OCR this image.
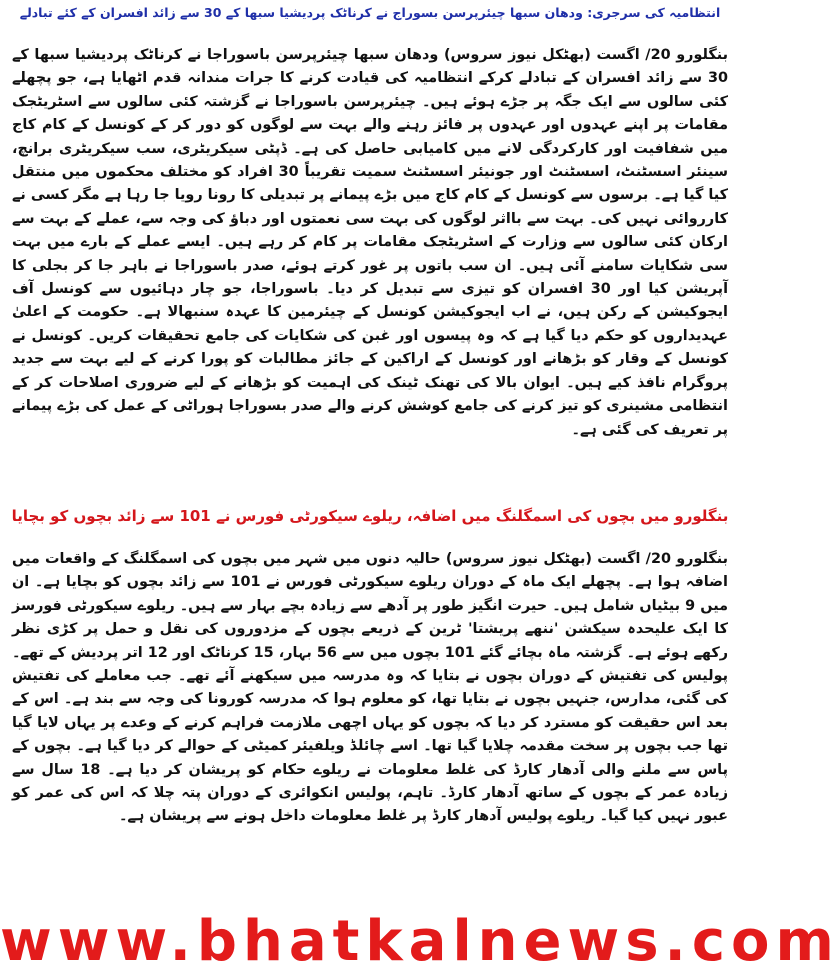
انتظامیہ کی سرجری: ودھان سبھا چیئرپرسن بسوراج نے کرناٹک پردیشیا سبھا کے 30 سے زائد افسران کے کئے تبادلے

بنگلورو 20/ اگست (بھٹکل نیوز سروس) ودھان سبھا چیئرپرسن باسوراجا نے کرناٹک پردیشیا سبھا کے 30 سے زائد افسران کے تبادلے کرکے انتظامیہ کی قیادت کرنے کا جرات مندانہ قدم اٹھایا ہے، جو پچھلے کئی سالوں سے ایک جگہ پر جڑے ہوئے ہیں۔ چیئرپرسن باسوراجا نے گزشتہ کئی سالوں سے اسٹریٹجک مقامات پر اپنے عہدوں اور عہدوں پر فائز رہنے والے بہت سے لوگوں کو دور کر کے کونسل کے کام کاج میں شفافیت اور کارکردگی لانے میں کامیابی حاصل کی ہے۔ ڈپٹی سیکریٹری، سب سیکریٹری برانچ، سینئر اسسٹنٹ، اسسٹنٹ اور جونیئر اسسٹنٹ سمیت تقریباً 30 افراد کو مختلف محکموں میں منتقل کیا گیا ہے۔ برسوں سے کونسل کے کام کاج میں بڑے پیمانے پر تبدیلی کا رونا رویا جا رہا ہے مگر کسی نے کارروائی نہیں کی۔ بہت سے بااثر لوگوں کی بہت سی نعمتوں اور دباؤ کی وجہ سے، عملے کے بہت سے ارکان کئی سالوں سے وزارت کے اسٹریٹجک مقامات پر کام کر رہے ہیں۔ ایسے عملے کے بارے میں بہت سی شکایات سامنے آئی ہیں۔ ان سب باتوں پر غور کرتے ہوئے، صدر باسوراجا نے باہر جا کر بجلی کا آپریشن کیا اور 30 افسران کو تیزی سے تبدیل کر دیا۔ باسوراجا، جو چار دہائیوں سے کونسل آف ایجوکیشن کے رکن ہیں، نے اب ایجوکیشن کونسل کے چیئرمین کا عہدہ سنبھالا ہے۔ حکومت کے اعلیٰ عہدیداروں کو حکم دیا گیا ہے کہ وہ پیسوں اور غبن کی شکایات کی جامع تحقیقات کریں۔ کونسل نے کونسل کے وقار کو بڑھانے اور کونسل کے اراکین کے جائز مطالبات کو پورا کرنے کے لیے بہت سے جدید پروگرام نافذ کیے ہیں۔ ایوان بالا کی تھنک ٹینک کی اہمیت کو بڑھانے کے لیے ضروری اصلاحات کر کے انتظامی مشینری کو تیز کرنے کی جامع کوشش کرنے والے صدر بسوراجا ہوراٹی کے عمل کی بڑے پیمانے پر تعریف کی گئی ہے۔

بنگلورو میں بچوں کی اسمگلنگ میں اضافہ، ریلوے سیکورٹی فورس نے 101 سے زائد بچوں کو بچایا

بنگلورو 20/ اگست (بھٹکل نیوز سروس) حالیہ دنوں میں شہر میں بچوں کی اسمگلنگ کے واقعات میں اضافہ ہوا ہے۔ پچھلے ایک ماہ کے دوران ریلوے سیکورٹی فورس نے 101 سے زائد بچوں کو بچایا ہے۔ ان میں 9 بیٹیاں شامل ہیں۔ حیرت انگیز طور پر آدھے سے زیادہ بچے بہار سے ہیں۔ ریلوے سیکورٹی فورسز کا ایک علیحدہ سیکشن 'ننھے پریشتا' ٹرین کے ذریعے بچوں کے مزدوروں کی نقل و حمل پر کڑی نظر رکھے ہوئے ہے۔ گزشتہ ماہ بچائے گئے 101 بچوں میں سے 56 بہار، 15 کرناٹک اور 12 اتر پردیش کے تھے۔ پولیس کی تفتیش کے دوران بچوں نے بتایا کہ وہ مدرسہ میں سیکھنے آئے تھے۔ جب معاملے کی تفتیش کی گئی، مدارس، جنہیں بچوں نے بتایا تھا، کو معلوم ہوا کہ مدرسہ کورونا کی وجہ سے بند ہے۔ اس کے بعد اس حقیقت کو مسترد کر دیا کہ بچوں کو یہاں اچھی ملازمت فراہم کرنے کے وعدے پر یہاں لایا گیا تھا جب بچوں پر سخت مقدمہ چلایا گیا تھا۔ اسے چائلڈ ویلفیئر کمیٹی کے حوالے کر دیا گیا ہے۔ بچوں کے پاس سے ملنے والی آدھار کارڈ کی غلط معلومات نے ریلوے حکام کو پریشان کر دیا ہے۔ 18 سال سے زیادہ عمر کے بچوں کے ساتھ آدھار کارڈ۔ تاہم، پولیس انکوائری کے دوران پتہ چلا کہ اس کی عمر کو عبور نہیں کیا گیا۔ ریلوے پولیس آدھار کارڈ پر غلط معلومات داخل ہونے سے پریشان ہے۔

www.bhatkalnews.com
